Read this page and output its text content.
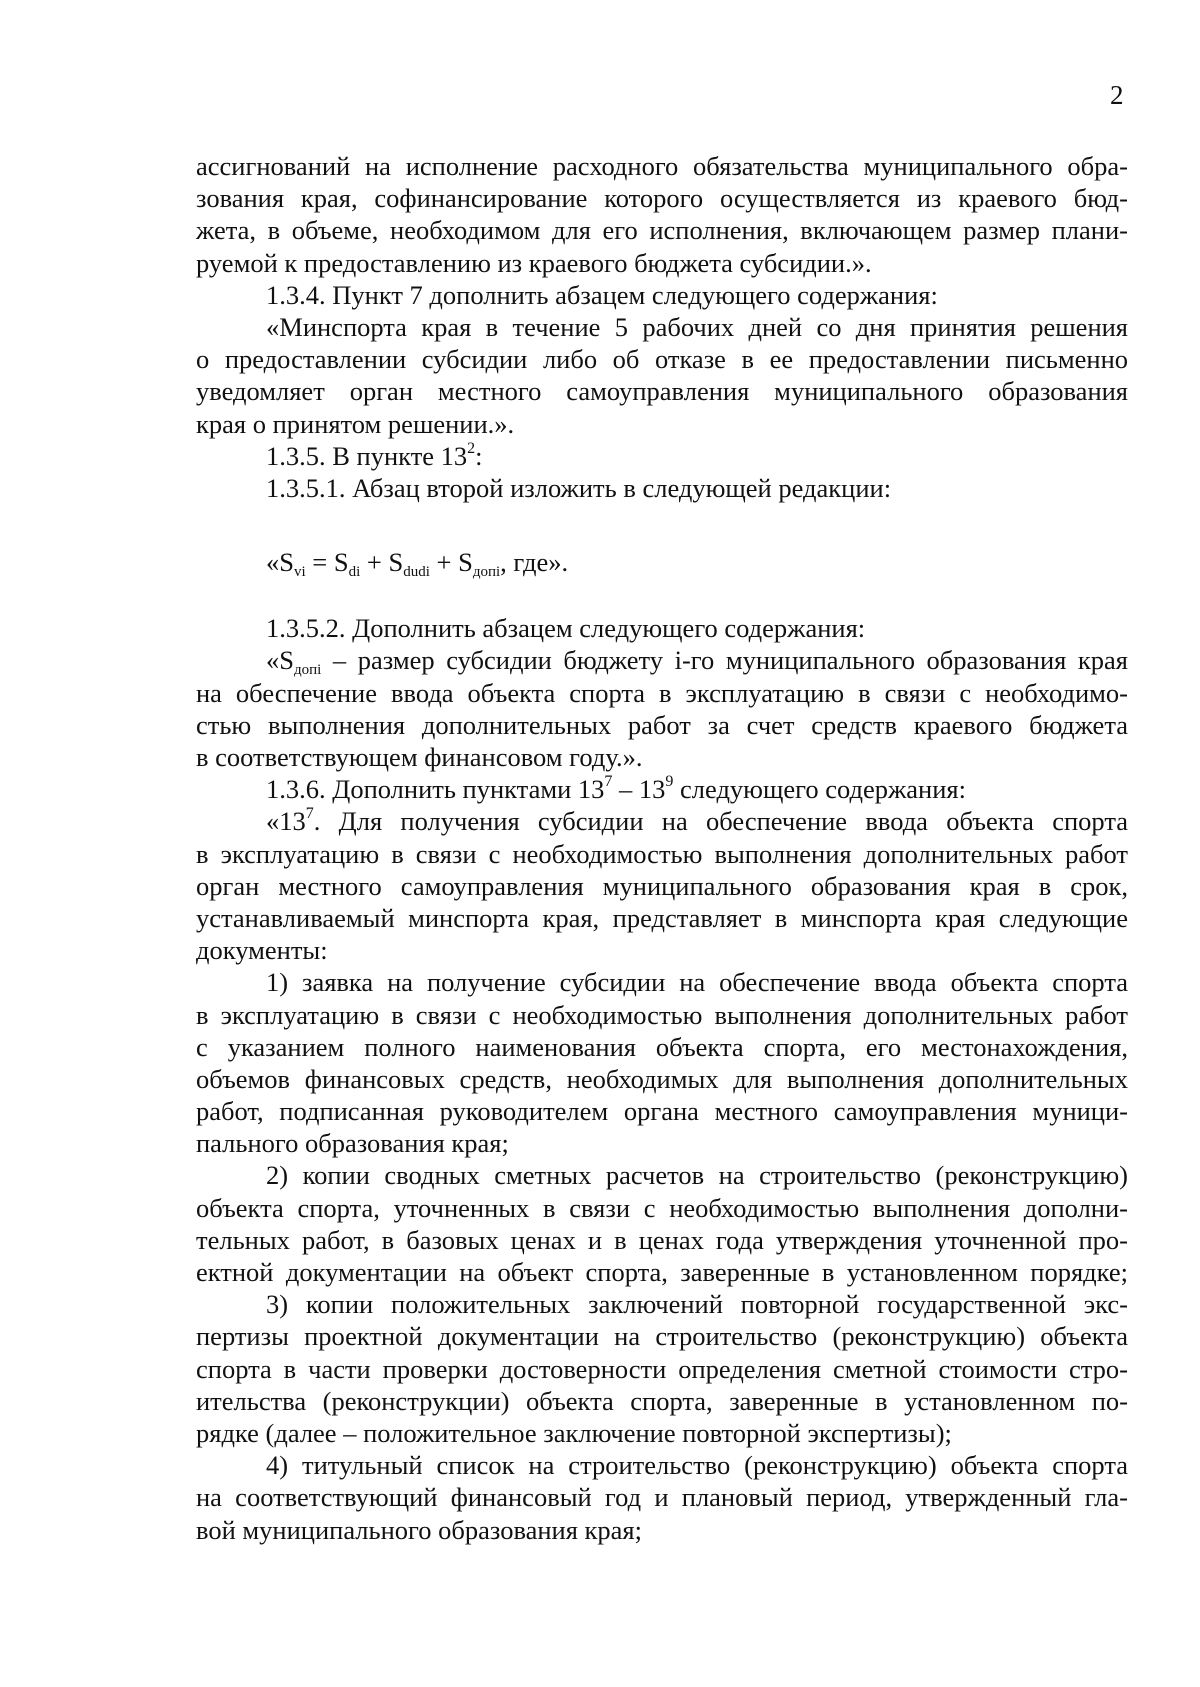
2
ассигнований на исполнение расходного обязательства муниципального обра-
зования края, софинансирование которого осуществляется из краевого бюд-
жета, в объеме, необходимом для его исполнения, включающем размер плани-
руемой к предоставлению из краевого бюджета субсидии.».
1.3.4. Пункт 7 дополнить абзацем следующего содержания:
«Минспорта края в течение 5 рабочих дней со дня принятия решения
о предоставлении субсидии либо об отказе в ее предоставлении письменно
уведомляет орган местного самоуправления муниципального образования
края о принятом решении.».
1.3.5. В пункте $13^2$:
1.3.5.1. Абзац второй изложить в следующей редакции:
«$S_{vi} = S_{di} + S_{dudi} + S_{допi}$, где».
1.3.5.2. Дополнить абзацем следующего содержания:
«$S_{допi}$ – размер субсидии бюджету i-го муниципального образования края
на обеспечение ввода объекта спорта в эксплуатацию в связи с необходимо-
стью выполнения дополнительных работ за счет средств краевого бюджета
в соответствующем финансовом году.».
1.3.6. Дополнить пунктами $13^7 - 13^9$ следующего содержания:
«$13^7$. Для получения субсидии на обеспечение ввода объекта спорта
в эксплуатацию в связи с необходимостью выполнения дополнительных работ
орган местного самоуправления муниципального образования края в срок,
устанавливаемый минспорта края, представляет в минспорта края следующие
документы:
1) заявка на получение субсидии на обеспечение ввода объекта спорта
в эксплуатацию в связи с необходимостью выполнения дополнительных работ
с указанием полного наименования объекта спорта, его местонахождения,
объемов финансовых средств, необходимых для выполнения дополнительных
работ, подписанная руководителем органа местного самоуправления муници-
пального образования края;
2) копии сводных сметных расчетов на строительство (реконструкцию)
объекта спорта, уточненных в связи с необходимостью выполнения дополни-
тельных работ, в базовых ценах и в ценах года утверждения уточненной про-
ектной документации на объект спорта, заверенные в установленном порядке;
3) копии положительных заключений повторной государственной экс-
пертизы проектной документации на строительство (реконструкцию) объекта
спорта в части проверки достоверности определения сметной стоимости стро-
ительства (реконструкции) объекта спорта, заверенные в установленном по-
рядке (далее – положительное заключение повторной экспертизы);
4) титульный список на строительство (реконструкцию) объекта спорта
на соответствующий финансовый год и плановый период, утвержденный гла-
вой муниципального образования края;
